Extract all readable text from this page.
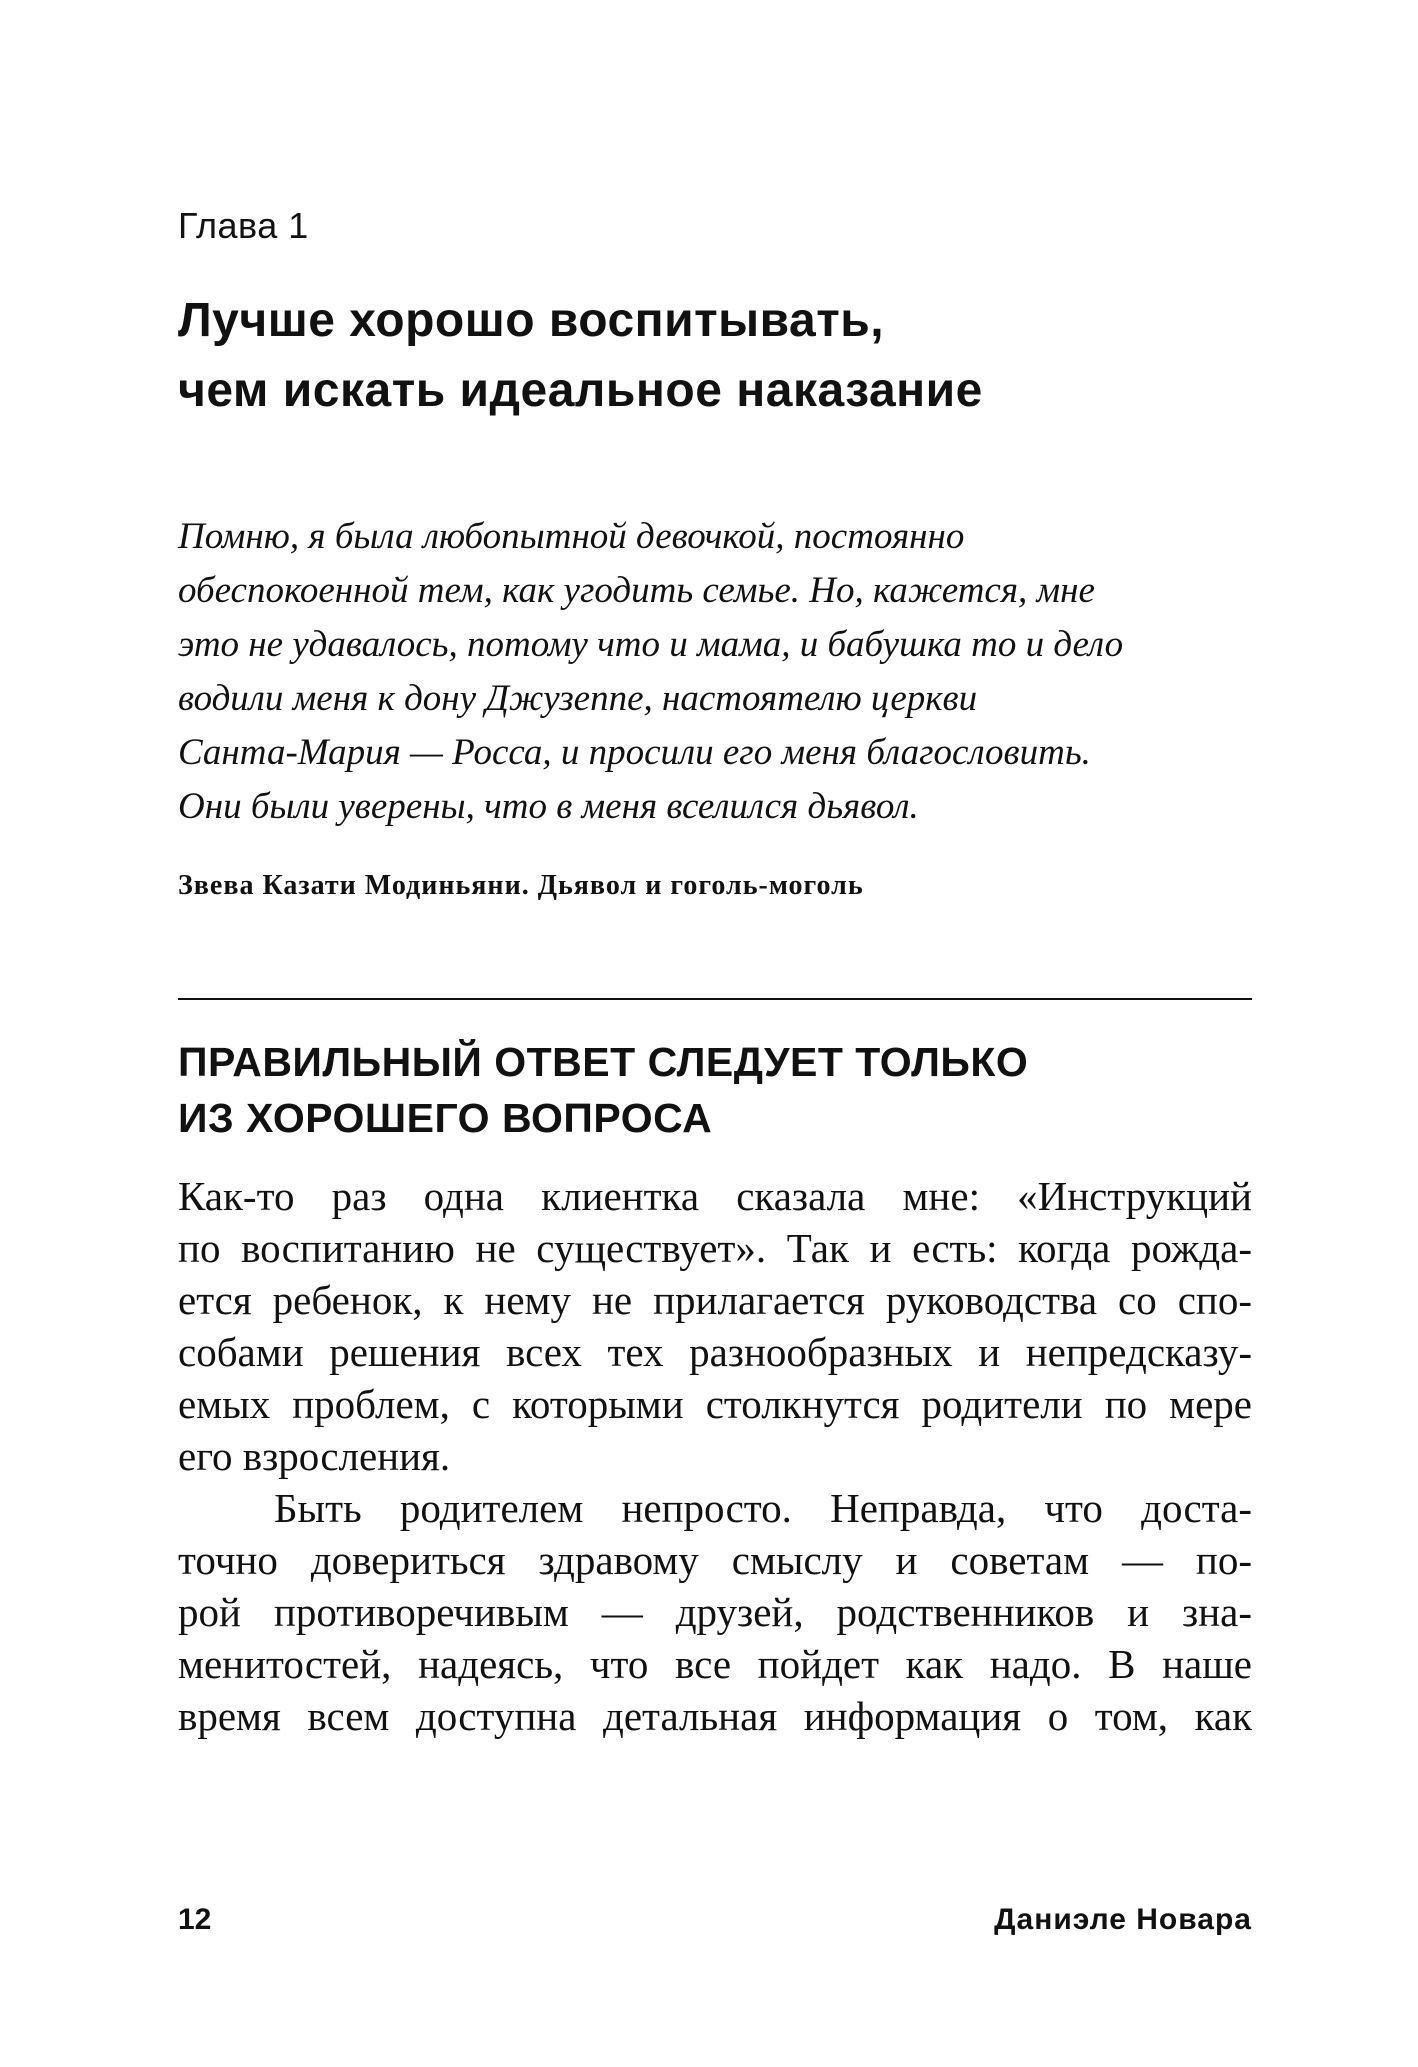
Глава 1
Лучше хорошо воспитывать,
чем искать идеальное наказание
Помню, я была любопытной девочкой, постоянно
обеспокоенной тем, как угодить семье. Но, кажется, мне
это не удавалось, потому что и мама, и бабушка то и дело
водили меня к дону Джузеппе, настоятелю церкви
Санта-Мария — Росса, и просили его меня благословить.
Они были уверены, что в меня вселился дьявол.
Звева Казати Модиньяни. Дьявол и гоголь-моголь
ПРАВИЛЬНЫЙ ОТВЕТ СЛЕДУЕТ ТОЛЬКО
ИЗ ХОРОШЕГО ВОПРОСА
Как-то раз одна клиентка сказала мне: «Инструкций
по воспитанию не существует». Так и есть: когда рожда-
ется ребенок, к нему не прилагается руководства со спо-
собами решения всех тех разнообразных и непредсказу-
емых проблем, с которыми столкнутся родители по мере
его взросления.
Быть родителем непросто. Неправда, что доста-
точно довериться здравому смыслу и советам — по-
рой противоречивым — друзей, родственников и зна-
менитостей, надеясь, что все пойдет как надо. В наше
время всем доступна детальная информация о том, как
12	Даниэле Новара
